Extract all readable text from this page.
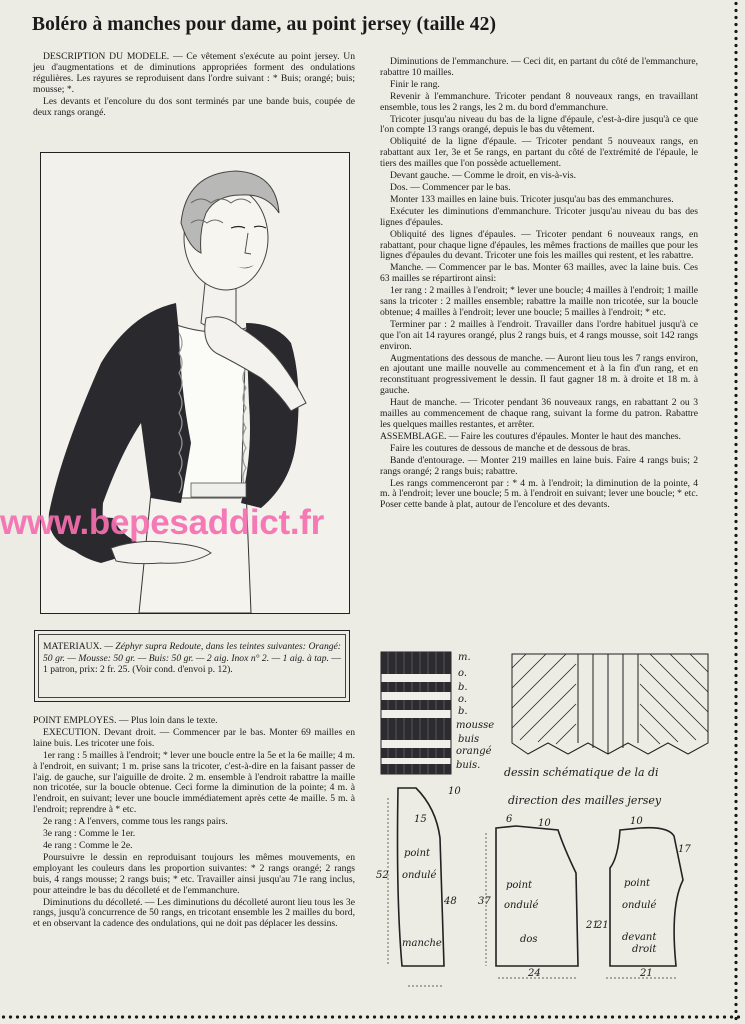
Boléro à manches pour dame, au point jersey (taille 42)

DESCRIPTION DU MODELE. — Ce vêtement s'exécute au point jersey. Un jeu d'augmentations et de diminutions appropriées forment des ondulations régulières. Les rayures se reproduisent dans l'ordre suivant : * Buis; orangé; buis; mousse; *.

Les devants et l'encolure du dos sont terminés par une bande buis, coupée de deux rangs orangé.

www.bepesaddict.fr
MATERIAUX. — Zéphyr supra Redoute, dans les teintes suivantes: Orangé: 50 gr. — Mousse: 50 gr. — Buis: 50 gr. — 2 aig. Inox n° 2. — 1 aig. à tap. — 1 patron, prix: 2 fr. 25. (Voir cond. d'envoi p. 12).

POINT EMPLOYES. — Plus loin dans le texte.

EXECUTION. Devant droit. — Commencer par le bas. Monter 69 mailles en laine buis. Les tricoter une fois.

1er rang : 5 mailles à l'endroit; * lever une boucle entre la 5e et la 6e maille; 4 m. à l'endroit, en suivant; 1 m. prise sans la tricoter, c'est-à-dire en la faisant passer de l'aig. de gauche, sur l'aiguille de droite. 2 m. ensemble à l'endroit rabattre la maille non tricotée, sur la boucle obtenue. Ceci forme la diminution de la pointe; 4 m. à l'endroit, en suivant; lever une boucle immédiatement après cette 4e maille. 5 m. à l'endroit; reprendre à * etc.

2e rang : A l'envers, comme tous les rangs pairs.

3e rang : Comme le 1er.

4e rang : Comme le 2e.

Poursuivre le dessin en reproduisant toujours les mêmes mouvements, en employant les couleurs dans les proportion suivantes: * 2 rangs orangé; 2 rangs buis, 4 rangs mousse; 2 rangs buis; * etc. Travailler ainsi jusqu'au 71e rang inclus, pour atteindre le bas du décolleté et de l'emmanchure.

Diminutions du décolleté. — Les diminutions du décolleté auront lieu tous les 3e rangs, jusqu'à concurrence de 50 rangs, en tricotant ensemble les 2 mailles du bord, et en observant la cadence des ondulations, qui ne doit pas déplacer les dessins.

Diminutions de l'emmanchure. — Ceci dit, en partant du côté de l'emmanchure, rabattre 10 mailles.

Finir le rang.

Revenir à l'emmanchure. Tricoter pendant 8 nouveaux rangs, en travaillant ensemble, tous les 2 rangs, les 2 m. du bord d'emmanchure.

Tricoter jusqu'au niveau du bas de la ligne d'épaule, c'est-à-dire jusqu'à ce que l'on compte 13 rangs orangé, depuis le bas du vêtement.

Obliquité de la ligne d'épaule. — Tricoter pendant 5 nouveaux rangs, en rabattant aux 1er, 3e et 5e rangs, en partant du côté de l'extrémité de l'épaule, le tiers des mailles que l'on possède actuellement.

Devant gauche. — Comme le droit, en vis-à-vis.

Dos. — Commencer par le bas.

Monter 133 mailles en laine buis. Tricoter jusqu'au bas des emmanchures.

Exécuter les diminutions d'emmanchure. Tricoter jusqu'au niveau du bas des lignes d'épaules.

Obliquité des lignes d'épaules. — Tricoter pendant 6 nouveaux rangs, en rabattant, pour chaque ligne d'épaules, les mêmes fractions de mailles que pour les lignes d'épaules du devant. Tricoter une fois les mailles qui restent, et les rabattre.

Manche. — Commencer par le bas. Monter 63 mailles, avec la laine buis. Ces 63 mailles se répartiront ainsi:

1er rang : 2 mailles à l'endroit; * lever une boucle; 4 mailles à l'endroit; 1 maille sans la tricoter : 2 mailles ensemble; rabattre la maille non tricotée, sur la boucle obtenue; 4 mailles à l'endroit; lever une boucle; 5 mailles à l'endroit; * etc.

Terminer par : 2 mailles à l'endroit. Travailler dans l'ordre habituel jusqu'à ce que l'on ait 14 rayures orangé, plus 2 rangs buis, et 4 rangs mousse, soit 142 rangs environ.

Augmentations des dessous de manche. — Auront lieu tous les 7 rangs environ, en ajoutant une maille nouvelle au commencement et à la fin d'un rang, et en reconstituant progressivement le dessin. Il faut gagner 18 m. à droite et 18 m. à gauche.

Haut de manche. — Tricoter pendant 36 nouveaux rangs, en rabattant 2 ou 3 mailles au commencement de chaque rang, suivant la forme du patron. Rabattre les quelques mailles restantes, et arrêter.

ASSEMBLAGE. — Faire les coutures d'épaules. Monter le haut des manches.

Faire les coutures de dessous de manche et de dessous de bras.

Bande d'entourage. — Monter 219 mailles en laine buis. Faire 4 rangs buis; 2 rangs orangé; 2 rangs buis; rabattre.

Les rangs commenceront par : * 4 m. à l'endroit; la diminution de la pointe, 4 m. à l'endroit; lever une boucle; 5 m. à l'endroit en suivant; lever une boucle; * etc. Poser cette bande à plat, autour de l'encolure et des devants.

m.
o.
b.
o.
b.
mousse
buis
orangé
buis.
dessin schématique de la di
direction des mailles jersey
point
ondulé
manche
point
ondulé
dos
point
ondulé
devant
droit
15
10
52
48
6	10
37
21
24
10
17
21
21
